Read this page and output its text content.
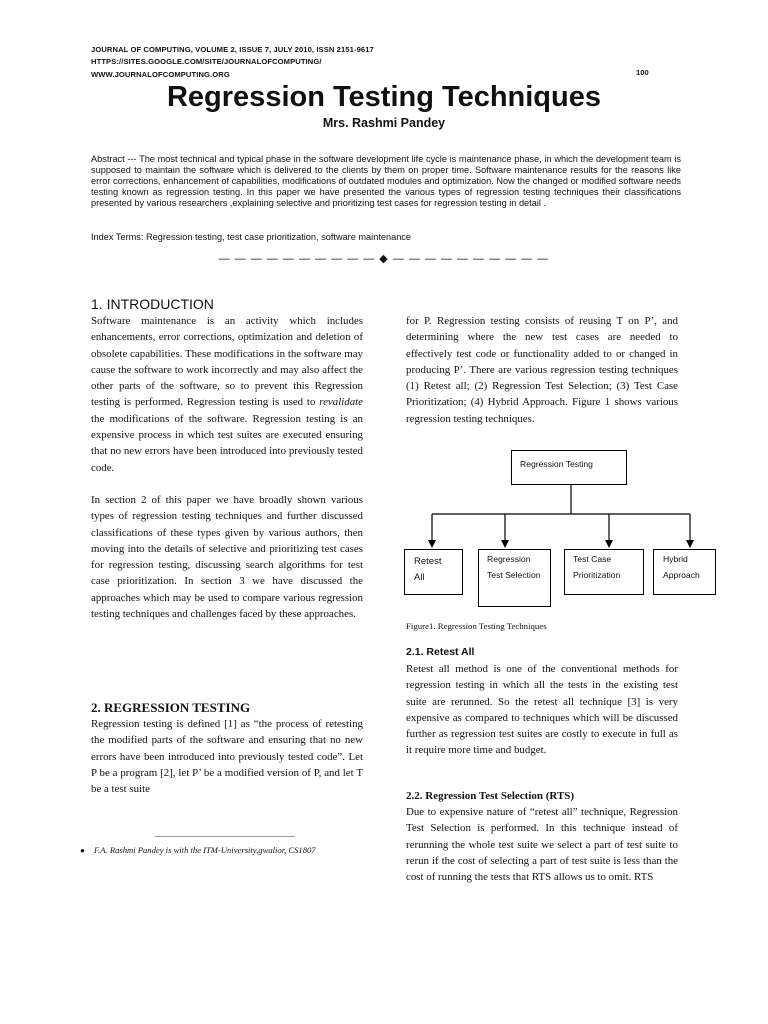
JOURNAL OF COMPUTING, VOLUME 2, ISSUE 7, JULY 2010, ISSN 2151-9617
HTTPS://SITES.GOOGLE.COM/SITE/JOURNALOFCOMPUTING/
WWW.JOURNALOFCOMPUTING.ORG	100
Regression Testing Techniques
Mrs. Rashmi Pandey
Abstract --- The most technical and typical phase in the software development life cycle is maintenance phase, in which the development team is supposed to maintain the software which is delivered to the clients by them on proper time. Software maintenance results for the reasons like error corrections, enhancement of capabilities, modifications of outdated modules and optimization. Now the changed or modified software needs testing known as regression testing. In this paper we have presented the various types of regression testing techniques their classifications presented by various researchers ,explaining selective and prioritizing test cases for regression testing in detail .
Index Terms: Regression testing, test case prioritization, software maintenance
— — — — — — — — — — ◆ — — — — — — — — — —
1. INTRODUCTION

Software maintenance is an activity which includes enhancements, error corrections, optimization and deletion of obsolete capabilities. These modifications in the software may cause the software to work incorrectly and may also affect the other parts of the software, so to prevent this Regression testing is performed. Regression testing is used to revalidate the modifications of the software. Regression testing is an expensive process in which test suites are executed ensuring that no new errors have been introduced into previously tested code.

In section 2 of this paper we have broadly shown various types of regression testing techniques and further discussed classifications of these types given by various authors, then moving into the details of selective and prioritizing test cases for regression testing, discussing search algorithms for test case prioritization. In section 3 we have discussed the approaches which may be used to compare various regression testing techniques and challenges faced by these approaches.

2. REGRESSION TESTING
Regression testing is defined [1] as “the process of retesting the modified parts of the software and ensuring that no new errors have been introduced into previously tested code”. Let P be a program [2], let P’ be a modified version of P, and let T be a test suite
for P. Regression testing consists of reusing T on P’, and determining where the new test cases are needed to effectively test code or functionality added to or changed in producing P’. There are various regression testing techniques (1) Retest all; (2) Regression Test Selection; (3) Test Case Prioritization; (4) Hybrid Approach. Figure 1 shows various regression testing techniques.
Regression Testing
Retest All
Regression Test Selection
Test Case Prioritization
Hybrid Approach
Figure1. Regression Testing Techniques
2.1. Retest All
Retest all method is one of the conventional methods for regression testing in which all the tests in the existing test suite are rerunned. So the retest all technique [3] is very expensive as compared to techniques which will be discussed further as regression test suites are costly to execute in full as it require more time and budget.
2.2. Regression Test Selection (RTS)
Due to expensive nature of “retest all” technique, Regression Test Selection is performed. In this technique instead of rerunning the whole test suite we select a part of test suite to rerun if the cost of selecting a part of test suite is less than the cost of running the tests that RTS allows us to omit. RTS
● F.A. Rashmi Pandey is with the ITM-University,gwalior, CS1807
